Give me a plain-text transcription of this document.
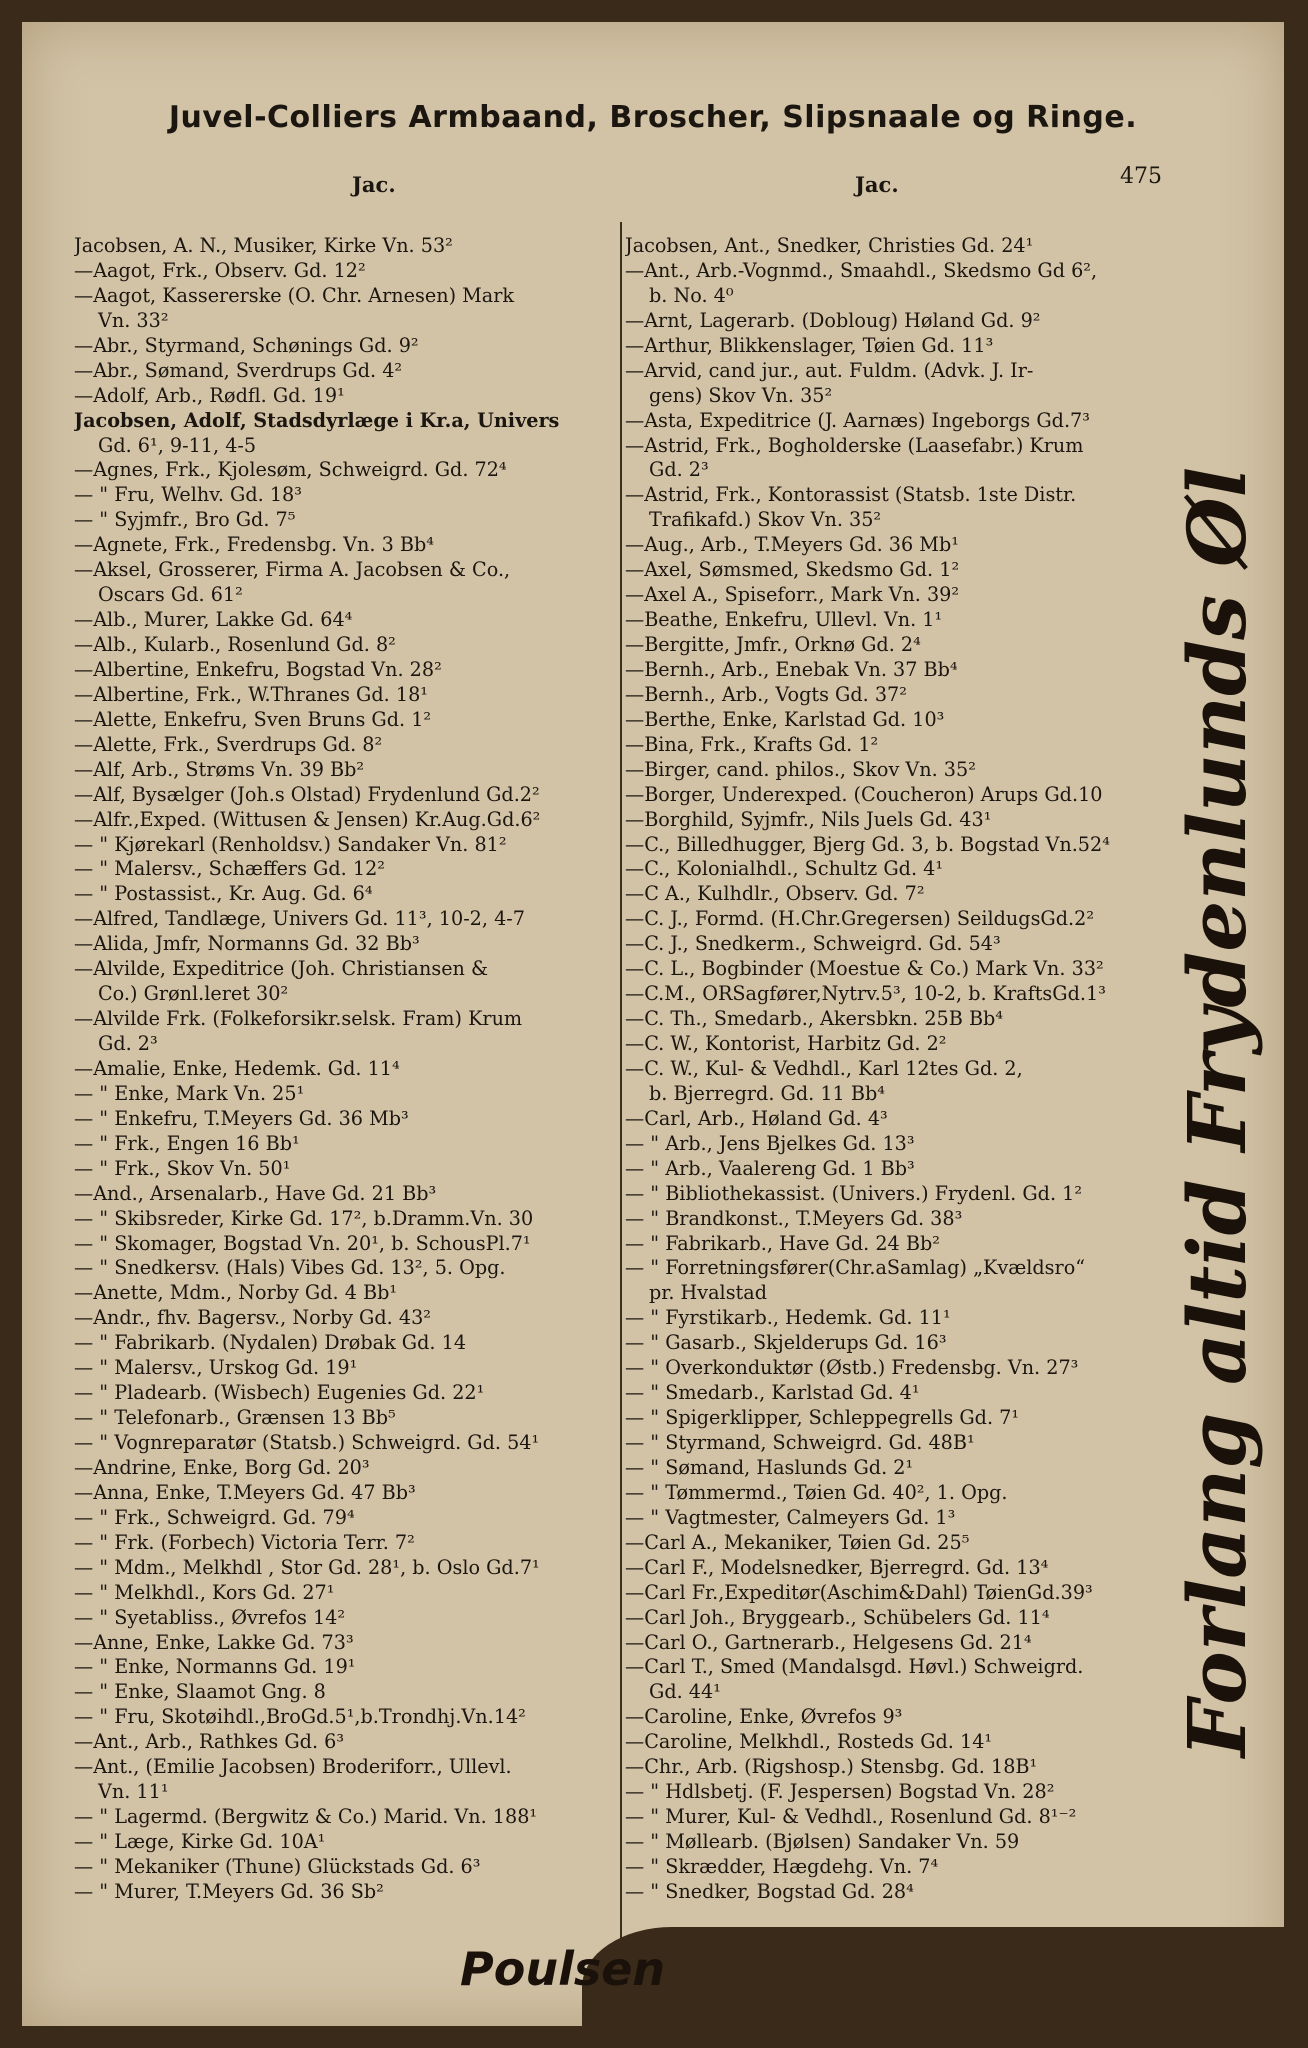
Juvel-Colliers Armbaand, Broscher, Slipsnaale og Ringe.
Jac.	Jac.	475
Jacobsen, A. N., Musiker, Kirke Vn. 53²
—Aagot, Frk., Observ. Gd. 12²
—Aagot, Kassererske (O. Chr. Arnesen) Mark
Vn. 33²
—Abr., Styrmand, Schønings Gd. 9²
—Abr., Sømand, Sverdrups Gd. 4²
—Adolf, Arb., Rødfl. Gd. 19¹
Jacobsen, Adolf, Stadsdyrlæge i Kr.a, Univers
Gd. 6¹, 9-11, 4-5
—Agnes, Frk., Kjolesøm, Schweigrd. Gd. 72⁴
— " Fru, Welhv. Gd. 18³
— " Syjmfr., Bro Gd. 7⁵
—Agnete, Frk., Fredensbg. Vn. 3 Bb⁴
—Aksel, Grosserer, Firma A. Jacobsen & Co.,
Oscars Gd. 61²
—Alb., Murer, Lakke Gd. 64⁴
—Alb., Kularb., Rosenlund Gd. 8²
—Albertine, Enkefru, Bogstad Vn. 28²
—Albertine, Frk., W.Thranes Gd. 18¹
—Alette, Enkefru, Sven Bruns Gd. 1²
—Alette, Frk., Sverdrups Gd. 8²
—Alf, Arb., Strøms Vn. 39 Bb²
—Alf, Bysælger (Joh.s Olstad) Frydenlund Gd.2²
—Alfr.,Exped. (Wittusen & Jensen) Kr.Aug.Gd.6²
— " Kjørekarl (Renholdsv.) Sandaker Vn. 81²
— " Malersv., Schæffers Gd. 12²
— " Postassist., Kr. Aug. Gd. 6⁴
—Alfred, Tandlæge, Univers Gd. 11³, 10-2, 4-7
—Alida, Jmfr, Normanns Gd. 32 Bb³
—Alvilde, Expeditrice (Joh. Christiansen &
Co.) Grønl.leret 30²
—Alvilde Frk. (Folkeforsikr.selsk. Fram) Krum
Gd. 2³
—Amalie, Enke, Hedemk. Gd. 11⁴
— " Enke, Mark Vn. 25¹
— " Enkefru, T.Meyers Gd. 36 Mb³
— " Frk., Engen 16 Bb¹
— " Frk., Skov Vn. 50¹
—And., Arsenalarb., Have Gd. 21 Bb³
— " Skibsreder, Kirke Gd. 17², b.Dramm.Vn. 30
— " Skomager, Bogstad Vn. 20¹, b. SchousPl.7¹
— " Snedkersv. (Hals) Vibes Gd. 13², 5. Opg.
—Anette, Mdm., Norby Gd. 4 Bb¹
—Andr., fhv. Bagersv., Norby Gd. 43²
— " Fabrikarb. (Nydalen) Drøbak Gd. 14
— " Malersv., Urskog Gd. 19¹
— " Pladearb. (Wisbech) Eugenies Gd. 22¹
— " Telefonarb., Grænsen 13 Bb⁵
— " Vognreparatør (Statsb.) Schweigrd. Gd. 54¹
—Andrine, Enke, Borg Gd. 20³
—Anna, Enke, T.Meyers Gd. 47 Bb³
— " Frk., Schweigrd. Gd. 79⁴
— " Frk. (Forbech) Victoria Terr. 7²
— " Mdm., Melkhdl , Stor Gd. 28¹, b. Oslo Gd.7¹
— " Melkhdl., Kors Gd. 27¹
— " Syetabliss., Øvrefos 14²
—Anne, Enke, Lakke Gd. 73³
— " Enke, Normanns Gd. 19¹
— " Enke, Slaamot Gng. 8
— " Fru, Skotøihdl.,BroGd.5¹,b.Trondhj.Vn.14²
—Ant., Arb., Rathkes Gd. 6³
—Ant., (Emilie Jacobsen) Broderiforr., Ullevl.
Vn. 11¹
— " Lagermd. (Bergwitz & Co.) Marid. Vn. 188¹
— " Læge, Kirke Gd. 10A¹
— " Mekaniker (Thune) Glückstads Gd. 6³
— " Murer, T.Meyers Gd. 36 Sb²
Jacobsen, Ant., Snedker, Christies Gd. 24¹
—Ant., Arb.-Vognmd., Smaahdl., Skedsmo Gd 6²,
b. No. 4⁰
—Arnt, Lagerarb. (Dobloug) Høland Gd. 9²
—Arthur, Blikkenslager, Tøien Gd. 11³
—Arvid, cand jur., aut. Fuldm. (Advk. J. Ir-
gens) Skov Vn. 35²
—Asta, Expeditrice (J. Aarnæs) Ingeborgs Gd.7³
—Astrid, Frk., Bogholderske (Laasefabr.) Krum
Gd. 2³
—Astrid, Frk., Kontorassist (Statsb. 1ste Distr.
Trafikafd.) Skov Vn. 35²
—Aug., Arb., T.Meyers Gd. 36 Mb¹
—Axel, Sømsmed, Skedsmo Gd. 1²
—Axel A., Spiseforr., Mark Vn. 39²
—Beathe, Enkefru, Ullevl. Vn. 1¹
—Bergitte, Jmfr., Orknø Gd. 2⁴
—Bernh., Arb., Enebak Vn. 37 Bb⁴
—Bernh., Arb., Vogts Gd. 37²
—Berthe, Enke, Karlstad Gd. 10³
—Bina, Frk., Krafts Gd. 1²
—Birger, cand. philos., Skov Vn. 35²
—Borger, Underexped. (Coucheron) Arups Gd.10
—Borghild, Syjmfr., Nils Juels Gd. 43¹
—C., Billedhugger, Bjerg Gd. 3, b. Bogstad Vn.52⁴
—C., Kolonialhdl., Schultz Gd. 4¹
—C A., Kulhdlr., Observ. Gd. 7²
—C. J., Formd. (H.Chr.Gregersen) SeildugsGd.2²
—C. J., Snedkerm., Schweigrd. Gd. 54³
—C. L., Bogbinder (Moestue & Co.) Mark Vn. 33²
—C.M., ORSagfører,Nytrv.5³, 10-2, b. KraftsGd.1³
—C. Th., Smedarb., Akersbkn. 25B Bb⁴
—C. W., Kontorist, Harbitz Gd. 2²
—C. W., Kul- & Vedhdl., Karl 12tes Gd. 2,
b. Bjerregrd. Gd. 11 Bb⁴
—Carl, Arb., Høland Gd. 4³
— " Arb., Jens Bjelkes Gd. 13³
— " Arb., Vaalereng Gd. 1 Bb³
— " Bibliothekassist. (Univers.) Frydenl. Gd. 1²
— " Brandkonst., T.Meyers Gd. 38³
— " Fabrikarb., Have Gd. 24 Bb²
— " Forretningsfører(Chr.aSamlag) „Kvældsro“
pr. Hvalstad
— " Fyrstikarb., Hedemk. Gd. 11¹
— " Gasarb., Skjelderups Gd. 16³
— " Overkonduktør (Østb.) Fredensbg. Vn. 27³
— " Smedarb., Karlstad Gd. 4¹
— " Spigerklipper, Schleppegrells Gd. 7¹
— " Styrmand, Schweigrd. Gd. 48B¹
— " Sømand, Haslunds Gd. 2¹
— " Tømmermd., Tøien Gd. 40², 1. Opg.
— " Vagtmester, Calmeyers Gd. 1³
—Carl A., Mekaniker, Tøien Gd. 25⁵
—Carl F., Modelsnedker, Bjerregrd. Gd. 13⁴
—Carl Fr.,Expeditør(Aschim&Dahl) TøienGd.39³
—Carl Joh., Bryggearb., Schübelers Gd. 11⁴
—Carl O., Gartnerarb., Helgesens Gd. 21⁴
—Carl T., Smed (Mandalsgd. Høvl.) Schweigrd.
Gd. 44¹
—Caroline, Enke, Øvrefos 9³
—Caroline, Melkhdl., Rosteds Gd. 14¹
—Chr., Arb. (Rigshosp.) Stensbg. Gd. 18B¹
— " Hdlsbetj. (F. Jespersen) Bogstad Vn. 28²
— " Murer, Kul- & Vedhdl., Rosenlund Gd. 8¹⁻²
— " Møllearb. (Bjølsen) Sandaker Vn. 59
— " Skrædder, Hægdehg. Vn. 7⁴
— " Snedker, Bogstad Gd. 28⁴
Forlang altid Frydenlunds Øl
Poulsen
